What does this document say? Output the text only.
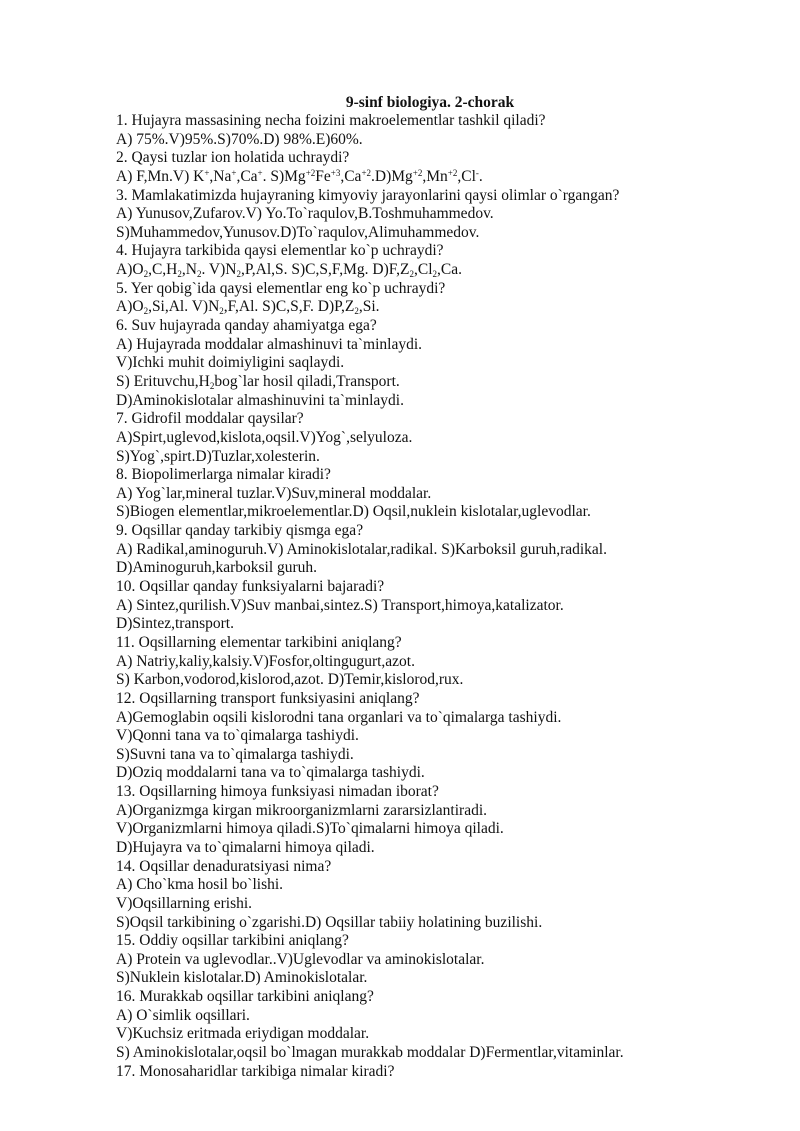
9-sinf biologiya. 2-chorak
1. Hujayra massasining necha foizini makroelementlar tashkil qiladi?
A) 75%.V)95%.S)70%.D) 98%.E)60%.
2. Qaysi tuzlar ion holatida uchraydi?
A) F,Mn.V) K+,Na+,Ca+. $S)Mg^{+2}Fe^{+3},Ca^{+2}.D)Mg^{+2},Mn^{+2},Cl^-$.
3. Mamlakatimizda hujayraning kimyoviy jarayonlarini qaysi olimlar o`rgangan?
A) Yunusov,Zufarov.V) Yo.To`raqulov,B.Toshmuhammedov.
S)Muhammedov,Yunusov.D)To`raqulov,Alimuhammedov.
4. Hujayra tarkibida qaysi elementlar ko`p uchraydi?
$A)O_2,C,H_2,N_2$. $V)N_2,P,Al,S$. S)C,S,F,Mg. $D)F,Z_2,Cl_2,Ca$.
5. Yer qobig`ida qaysi elementlar eng ko`p uchraydi?
$A)O_2,Si,Al$. $V)N_2,F,Al$. S)C,S,F. $D)P,Z_2,Si$.
6. Suv hujayrada qanday ahamiyatga ega?
A) Hujayrada moddalar almashinuvi ta`minlaydi.
V)Ichki muhit doimiyligini saqlaydi.
S) $Erituvchu,H_2bog`lar$ hosil qiladi,Transport.
D)Aminokislotalar almashinuvini ta`minlaydi.
7. Gidrofil moddalar qaysilar?
A)Spirt,uglevod,kislota,oqsil.V)Yog`,selyuloza.
S)Yog`,spirt.D)Tuzlar,xolesterin.
8. Biopolimerlarga nimalar kiradi?
A) Yog`lar,mineral tuzlar.V)Suv,mineral moddalar.
S)Biogen elementlar,mikroelementlar.D) Oqsil,nuklein kislotalar,uglevodlar.
9. Oqsillar qanday tarkibiy qismga ega?
A) Radikal,aminoguruh.V) Aminokislotalar,radikal. S)Karboksil guruh,radikal.
D)Aminoguruh,karboksil guruh.
10. Oqsillar qanday funksiyalarni bajaradi?
A) Sintez,qurilish.V)Suv manbai,sintez.S) Transport,himoya,katalizator.
D)Sintez,transport.
11. Oqsillarning elementar tarkibini aniqlang?
A) Natriy,kaliy,kalsiy.V)Fosfor,oltingugurt,azot.
S) Karbon,vodorod,kislorod,azot. D)Temir,kislorod,rux.
12. Oqsillarning transport funksiyasini aniqlang?
A)Gemoglabin oqsili kislorodni tana organlari va to`qimalarga tashiydi.
V)Qonni tana va to`qimalarga tashiydi.
S)Suvni tana va to`qimalarga tashiydi.
D)Oziq moddalarni tana va to`qimalarga tashiydi.
13. Oqsillarning himoya funksiyasi nimadan iborat?
A)Organizmga kirgan mikroorganizmlarni zararsizlantiradi.
V)Organizmlarni himoya qiladi.S)To`qimalarni himoya qiladi.
D)Hujayra va to`qimalarni himoya qiladi.
14. Oqsillar denaduratsiyasi nima?
A) Cho`kma hosil bo`lishi.
V)Oqsillarning erishi.
S)Oqsil tarkibining o`zgarishi.D) Oqsillar tabiiy holatining buzilishi.
15. Oddiy oqsillar tarkibini aniqlang?
A) Protein va uglevodlar..V)Uglevodlar va aminokislotalar.
S)Nuklein kislotalar.D) Aminokislotalar.
16. Murakkab oqsillar tarkibini aniqlang?
A) O`simlik oqsillari.
V)Kuchsiz eritmada eriydigan moddalar.
S) Aminokislotalar,oqsil bo`lmagan murakkab moddalar D)Fermentlar,vitaminlar.
17. Monosaharidlar tarkibiga nimalar kiradi?
